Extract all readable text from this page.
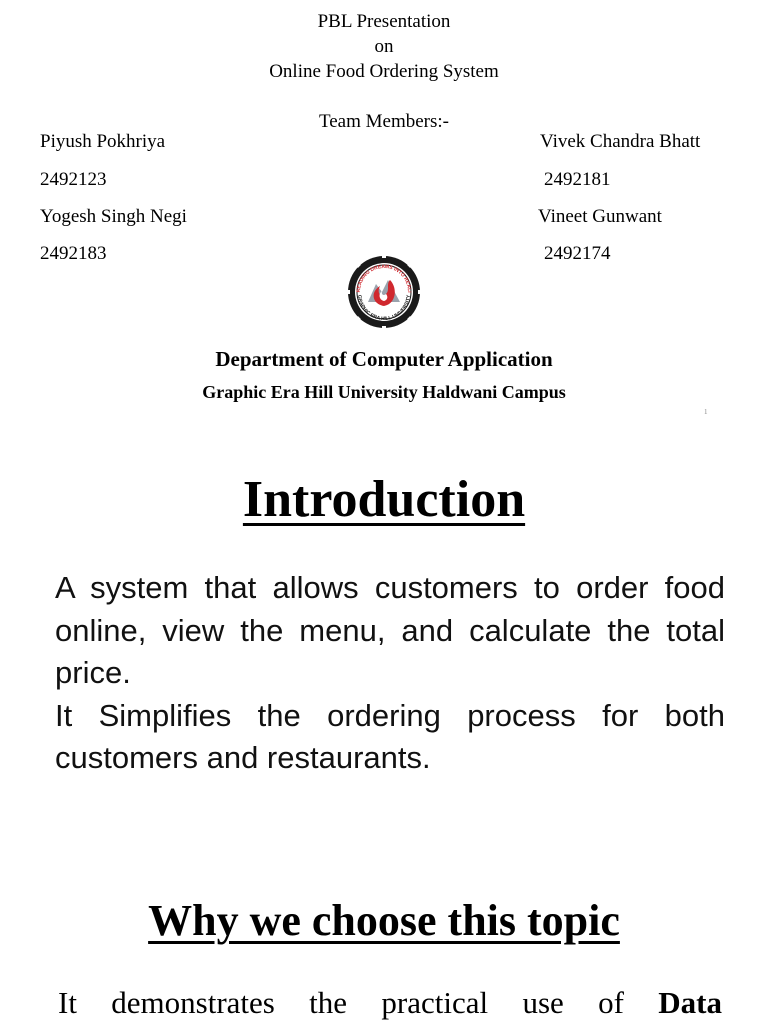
PBL Presentation
on
Online Food Ordering System
Team Members:-
Piyush Pokhriya
2492123
Vivek Chandra Bhatt
2492181
Yogesh Singh Negi
2492183
Vineet Gunwant
2492174
READING DREAMS INTO REALI
GRAPHIC ERA HILL UNIVERSITY
Department of Computer Application
Graphic Era Hill University Haldwani Campus
1
Introduction

A system that allows customers to order food online, view the menu, and calculate the total price.

It Simplifies the ordering process for both customers and restaurants.

Why we choose this topic
It demonstrates the practical use of Data
